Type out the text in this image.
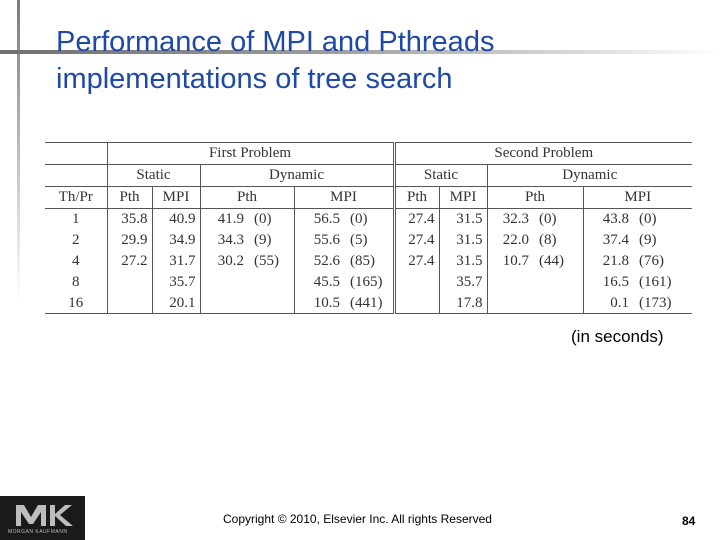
Performance of MPI and Pthreads
implementations of tree search
	First Problem						Second Problem					
	Static		Dynamic				Static		Dynamic			
Th/Pr	Pth	MPI	Pth		MPI		Pth	MPI	Pth		MPI	
1	35.8	40.9	41.9	(0)	56.5	(0)	27.4	31.5	32.3	(0)	43.8	(0)
2	29.9	34.9	34.3	(9)	55.6	(5)	27.4	31.5	22.0	(8)	37.4	(9)
4	27.2	31.7	30.2	(55)	52.6	(85)	27.4	31.5	10.7	(44)	21.8	(76)
8		35.7			45.5	(165)		35.7			16.5	(161)
16		20.1			10.5	(441)		17.8			0.1	(173)
(in seconds)
MORGAN KAUFMANN
Copyright © 2010, Elsevier Inc. All rights Reserved	84
